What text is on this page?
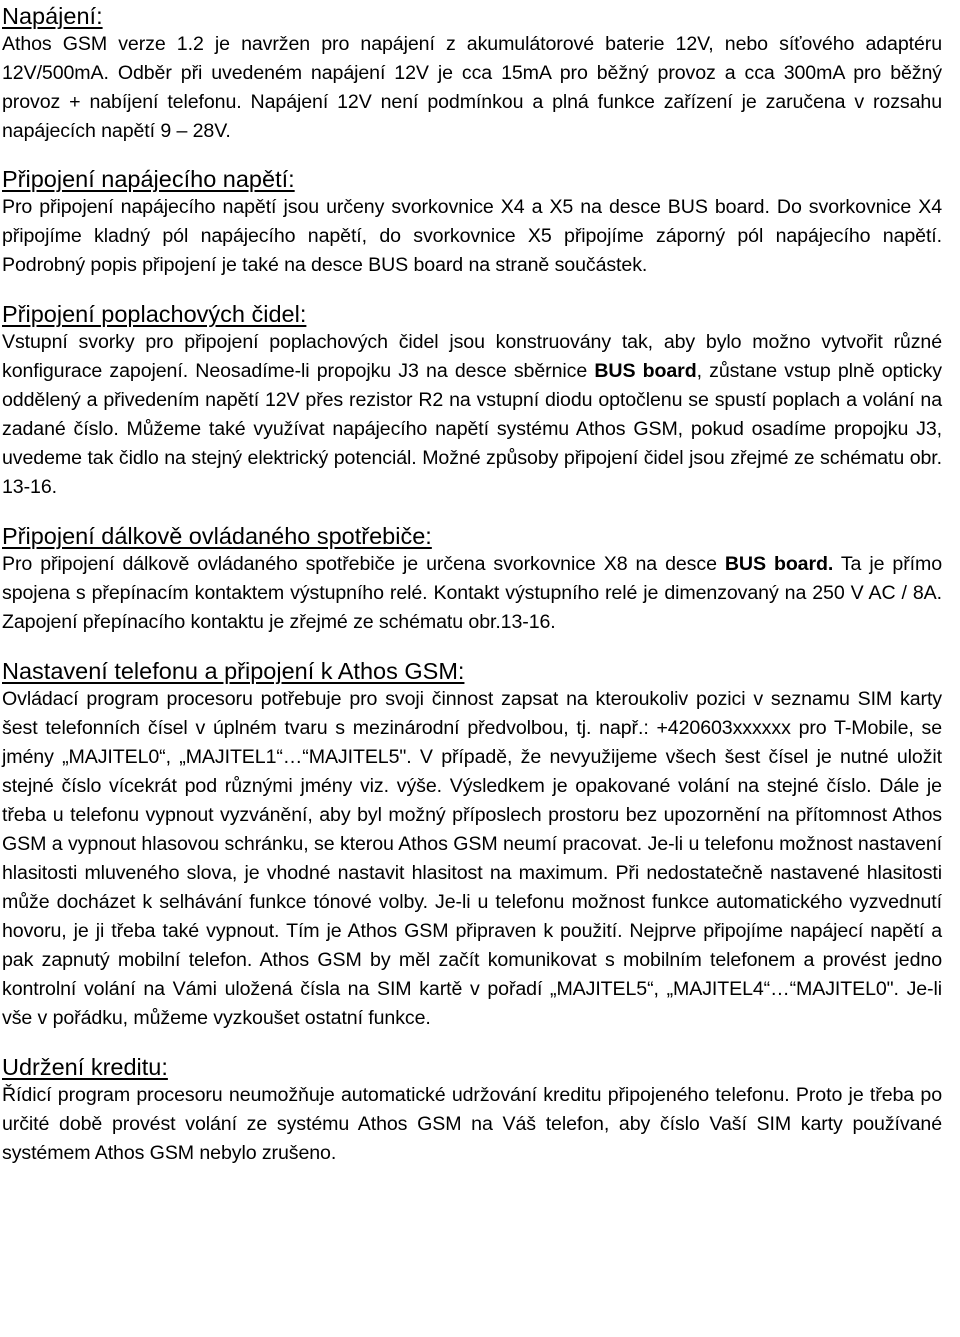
Napájení:

Athos GSM verze 1.2 je navržen pro napájení z akumulátorové baterie 12V, nebo síťového adaptéru 12V/500mA. Odběr při uvedeném napájení 12V je cca 15mA pro běžný provoz a cca 300mA pro běžný provoz + nabíjení telefonu. Napájení 12V není podmínkou a plná funkce zařízení je zaručena v rozsahu napájecích napětí 9 – 28V.

Připojení napájecího napětí:

Pro připojení napájecího napětí jsou určeny svorkovnice X4 a X5 na desce BUS board. Do svorkovnice X4 připojíme kladný pól napájecího napětí, do svorkovnice X5 připojíme záporný pól napájecího napětí. Podrobný popis připojení je také na desce BUS board na straně součástek.

Připojení poplachových čidel:

Vstupní svorky pro připojení poplachových čidel jsou konstruovány tak, aby bylo možno vytvořit různé konfigurace zapojení. Neosadíme-li propojku J3 na desce sběrnice BUS board, zůstane vstup plně opticky oddělený a přivedením napětí 12V přes rezistor R2 na vstupní diodu optočlenu se spustí poplach a volání na zadané číslo. Můžeme také využívat napájecího napětí systému Athos GSM, pokud osadíme propojku J3, uvedeme tak čidlo na stejný elektrický potenciál. Možné způsoby připojení čidel jsou zřejmé ze schématu obr. 13-16.

Připojení dálkově ovládaného spotřebiče:

Pro připojení dálkově ovládaného spotřebiče je určena svorkovnice X8 na desce BUS board. Ta je přímo spojena s přepínacím kontaktem výstupního relé. Kontakt výstupního relé je dimenzovaný na 250 V AC / 8A. Zapojení přepínacího kontaktu je zřejmé ze schématu obr.13-16.

Nastavení telefonu a připojení k Athos GSM:

Ovládací program procesoru potřebuje pro svoji činnost zapsat na kteroukoliv pozici v seznamu SIM karty šest telefonních čísel v úplném tvaru s mezinárodní předvolbou, tj. např.: +420603xxxxxx pro T-Mobile, se jmény „MAJITEL0“, „MAJITEL1“…“MAJITEL5". V případě, že nevyužijeme všech šest čísel je nutné uložit stejné číslo vícekrát pod různými jmény viz. výše. Výsledkem je opakované volání na stejné číslo. Dále je třeba u telefonu vypnout vyzvánění, aby byl možný příposlech prostoru bez upozornění na přítomnost Athos GSM a vypnout hlasovou schránku, se kterou Athos GSM neumí pracovat. Je-li u telefonu možnost nastavení hlasitosti mluveného slova, je vhodné nastavit hlasitost na maximum. Při nedostatečně nastavené hlasitosti může docházet k selhávání funkce tónové volby. Je-li u telefonu možnost funkce automatického vyzvednutí hovoru, je ji třeba také vypnout. Tím je Athos GSM připraven k použití. Nejprve připojíme napájecí napětí a pak zapnutý mobilní telefon. Athos GSM by měl začít komunikovat s mobilním telefonem a provést jedno kontrolní volání na Vámi uložená čísla na SIM kartě v pořadí „MAJITEL5“, „MAJITEL4“…“MAJITEL0". Je-li vše v pořádku, můžeme vyzkoušet ostatní funkce.

Udržení kreditu:

Řídicí program procesoru neumožňuje automatické udržování kreditu připojeného telefonu. Proto je třeba po určité době provést volání ze systému Athos GSM na Váš telefon, aby číslo Vaší SIM karty používané systémem Athos GSM nebylo zrušeno.
